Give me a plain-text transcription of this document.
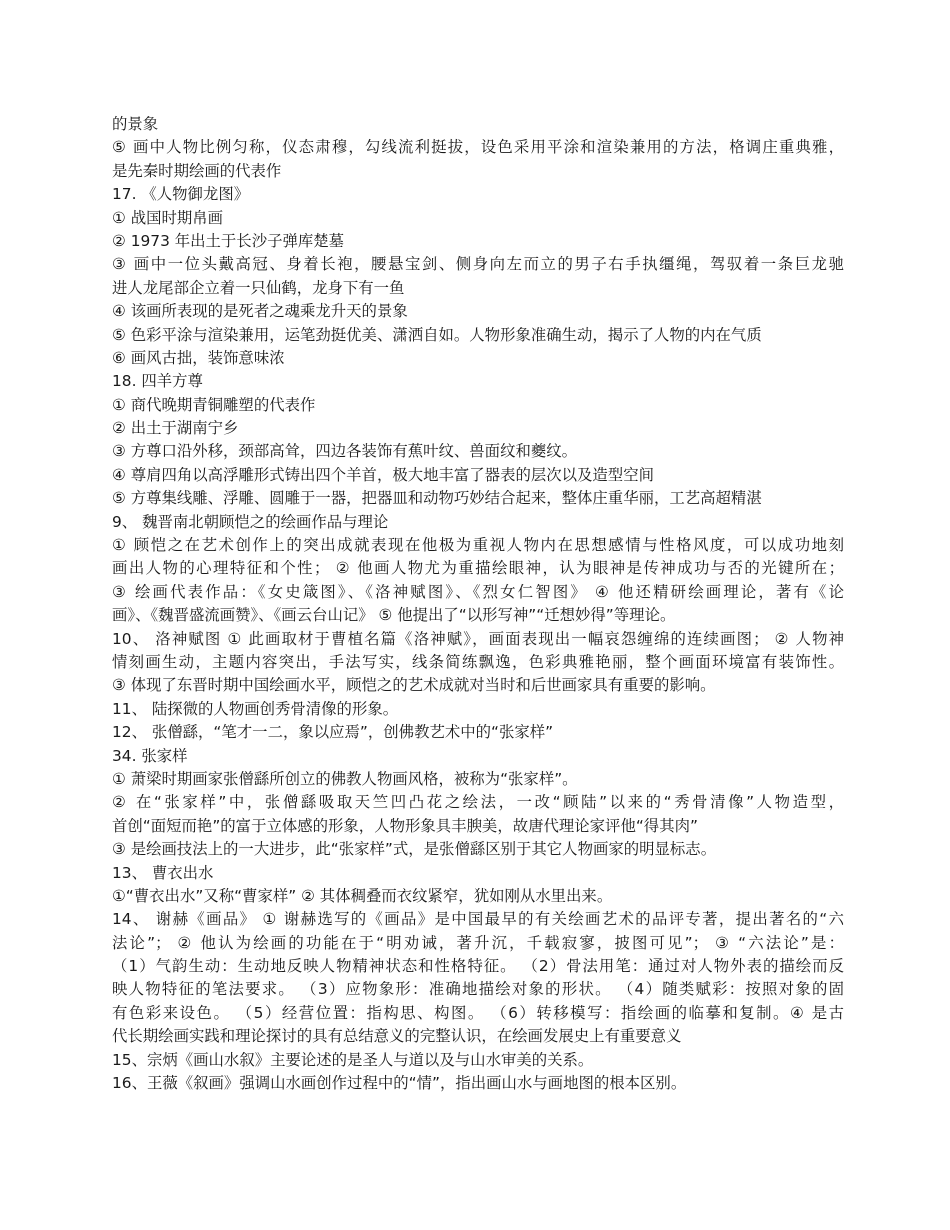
的景象
⑤ 画中人物比例匀称，仪态肃穆，勾线流利挺拔，设色采用平涂和渲染兼用的方法，格调庄重典雅，
是先秦时期绘画的代表作
17. 《人物御龙图》
① 战国时期帛画
② 1973 年出土于长沙子弹库楚墓
③ 画中一位头戴高冠、身着长袍，腰悬宝剑、侧身向左而立的男子右手执缰绳，驾驭着一条巨龙驰
进人龙尾部企立着一只仙鹤，龙身下有一鱼
④ 该画所表现的是死者之魂乘龙升天的景象
⑤ 色彩平涂与渲染兼用，运笔劲挺优美、潇洒自如。人物形象准确生动，揭示了人物的内在气质
⑥ 画风古拙，装饰意味浓
18. 四羊方尊
① 商代晚期青铜雕塑的代表作
② 出土于湖南宁乡
③ 方尊口沿外移，颈部高耸，四边各装饰有蕉叶纹、兽面纹和夔纹。
④ 尊肩四角以高浮雕形式铸出四个羊首，极大地丰富了器表的层次以及造型空间
⑤ 方尊集线雕、浮雕、圆雕于一器，把器皿和动物巧妙结合起来，整体庄重华丽，工艺高超精湛
9、 魏晋南北朝顾恺之的绘画作品与理论
① 顾恺之在艺术创作上的突出成就表现在他极为重视人物内在思想感情与性格风度，可以成功地刻
画出人物的心理特征和个性； ② 他画人物尤为重描绘眼神，认为眼神是传神成功与否的光键所在；
③ 绘画代表作品：《女史箴图》、《洛神赋图》、《烈女仁智图》 ④ 他还精研绘画理论，著有《论
画》、《魏晋盛流画赞》、《画云台山记》 ⑤ 他提出了“以形写神”“迁想妙得”等理论。
10、 洛神赋图 ① 此画取材于曹植名篇《洛神赋》，画面表现出一幅哀怨缠绵的连续画图； ② 人物神
情刻画生动，主题内容突出，手法写实，线条简练飘逸，色彩典雅艳丽，整个画面环境富有装饰性。
③ 体现了东晋时期中国绘画水平，顾恺之的艺术成就对当时和后世画家具有重要的影响。
11、 陆探微的人物画创秀骨清像的形象。
12、 张僧繇，“笔才一二，象以应焉”，创佛教艺术中的“张家样”
34. 张家样
① 萧梁时期画家张僧繇所创立的佛教人物画风格，被称为“张家样”。
② 在“张家样”中，张僧繇吸取天竺凹凸花之绘法，一改“顾陆”以来的“秀骨清像”人物造型，
首创“面短而艳”的富于立体感的形象，人物形象具丰腴美，故唐代理论家评他“得其肉”
③ 是绘画技法上的一大进步，此“张家样”式，是张僧繇区别于其它人物画家的明显标志。
13、 曹衣出水
①“曹衣出水”又称“曹家样” ② 其体稠叠而衣纹紧窄，犹如刚从水里出来。
14、 谢赫《画品》 ① 谢赫选写的《画品》是中国最早的有关绘画艺术的品评专著，提出著名的“六
法论”； ② 他认为绘画的功能在于“明劝诫，著升沉，千载寂寥，披图可见”； ③ “六法论”是：
（1）气韵生动：生动地反映人物精神状态和性格特征。 （2）骨法用笔：通过对人物外表的描绘而反
映人物特征的笔法要求。 （3）应物象形：准确地描绘对象的形状。 （4）随类赋彩：按照对象的固
有色彩来设色。 （5）经营位置：指构思、构图。 （6）转移模写：指绘画的临摹和复制。④ 是古
代长期绘画实践和理论探讨的具有总结意义的完整认识，在绘画发展史上有重要意义
15、宗炳《画山水叙》主要论述的是圣人与道以及与山水审美的关系。
16、王薇《叙画》强调山水画创作过程中的“情”，指出画山水与画地图的根本区别。
